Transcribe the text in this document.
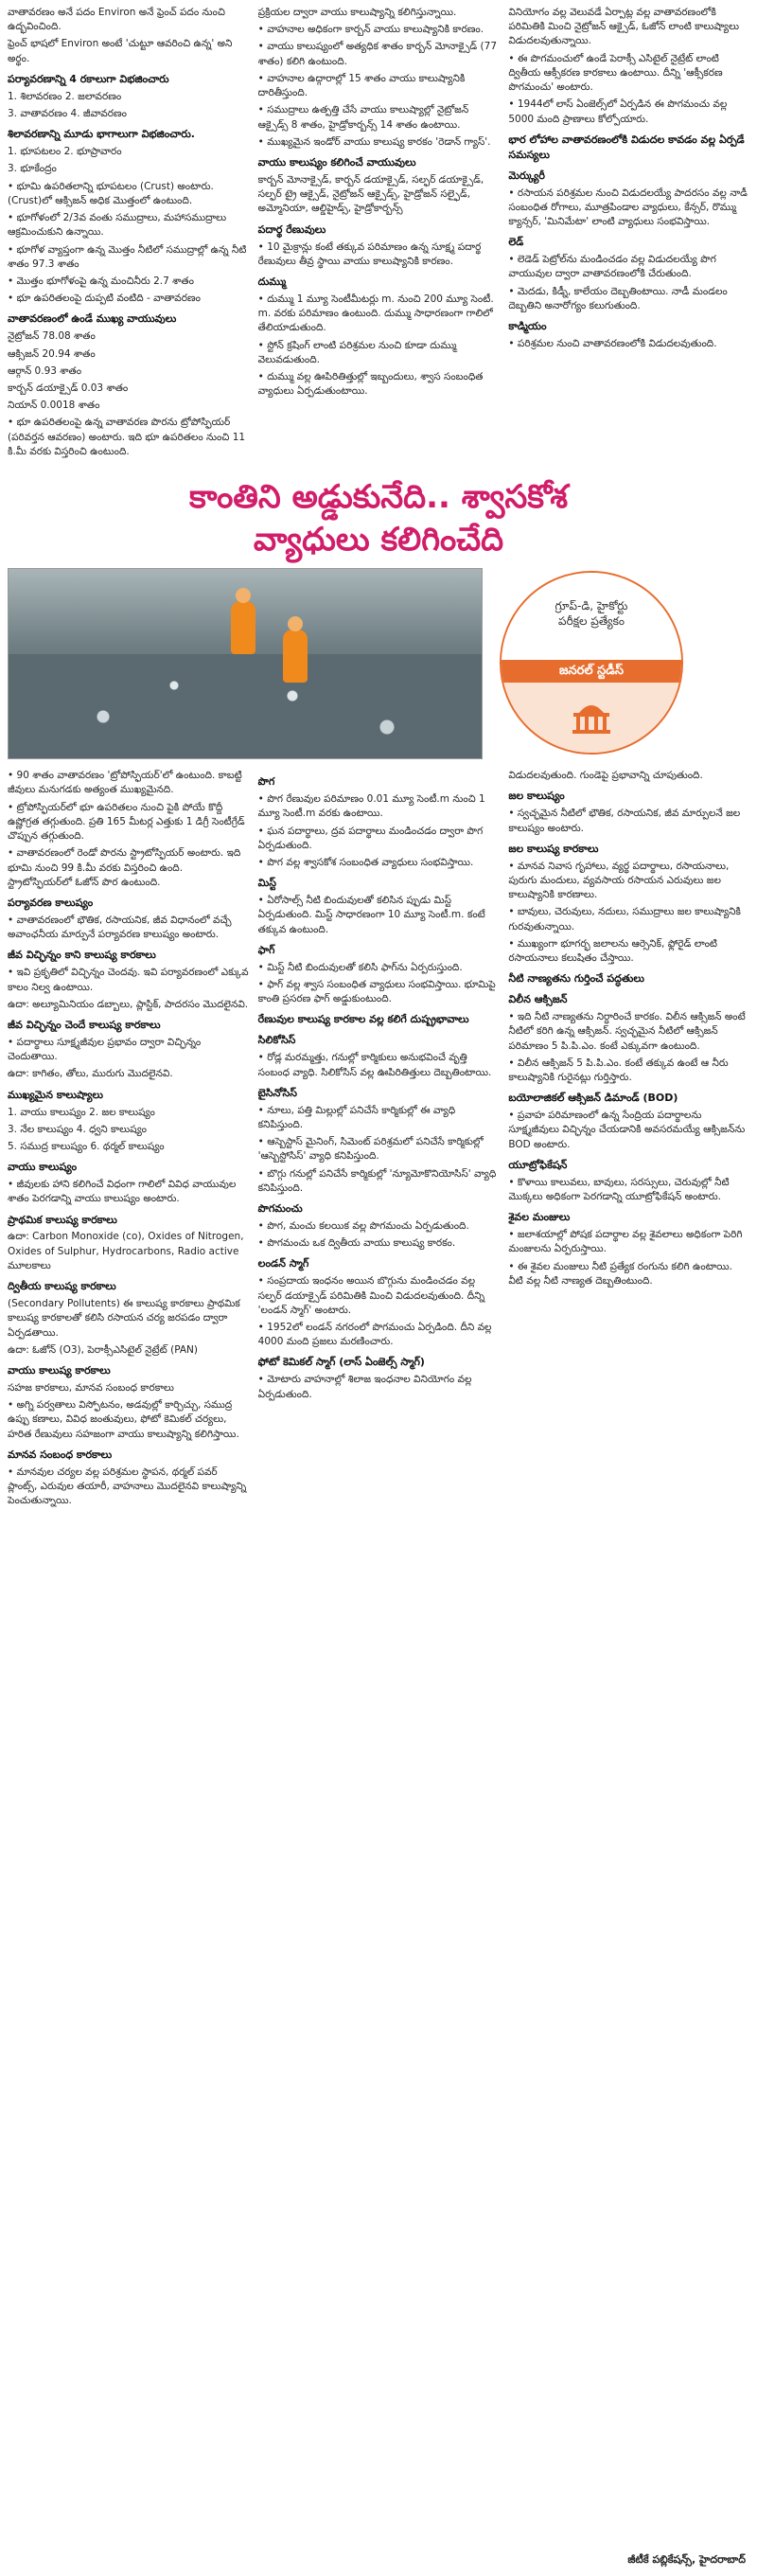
వాతావరణం అనే పదం Environ అనే ఫ్రెంచ్ పదం నుంచి ఉద్భవించింది.

ఫ్రెంచ్ భాషలో Environ అంటే 'చుట్టూ ఆవరించి ఉన్న' అని అర్థం.

పర్యావరణాన్ని 4 రకాలుగా విభజించారు

1. శిలావరణం 2. జలావరణం

3. వాతావరణం 4. జీవావరణం

శిలావరణాన్ని మూడు భాగాలుగా విభజించారు.

1. భూపటలం 2. భూప్రావారం

3. భూకేంద్రం

• భూమి ఉపరితలాన్ని భూపటలం (Crust) అంటారు. (Crust)లో ఆక్సిజన్ అధిక మొత్తంలో ఉంటుంది.

• భూగోళంలో 2/3వ వంతు సముద్రాలు, మహాసముద్రాలు ఆక్రమించుకుని ఉన్నాయి.

• భూగోళ వ్యాప్తంగా ఉన్న మొత్తం నీటిలో సముద్రాల్లో ఉన్న నీటి శాతం 97.3 శాతం

• మొత్తం భూగోళంపై ఉన్న మంచినీరు 2.7 శాతం

• భూ ఉపరితలంపై దుప్పటి వంటిది - వాతావరణం

వాతావరణంలో ఉండే ముఖ్య వాయువులు

నైట్రోజన్ 78.08 శాతం

ఆక్సిజన్ 20.94 శాతం

ఆర్గాన్ 0.93 శాతం

కార్బన్ డయాక్సైడ్ 0.03 శాతం

నియాన్ 0.0018 శాతం

• భూ ఉపరితలంపై ఉన్న వాతావరణ పొరను ట్రోపోస్ఫియర్ (పరివర్తన ఆవరణం) అంటారు. ఇది భూ ఉపరితలం నుంచి 11 కి.మీ వరకు విస్తరించి ఉంటుంది.

ప్రక్రియల ద్వారా వాయు కాలుష్యాన్ని కలిగిస్తున్నాయి.

• వాహనాల అధికంగా కార్బన్ వాయు కాలుష్యానికి కారణం.

• వాయు కాలుష్యంలో అత్యధిక శాతం కార్బన్ మోనాక్సైడ్ (77 శాతం) కలిగి ఉంటుంది.

• వాహనాల ఉద్గారాల్లో 15 శాతం వాయు కాలుష్యానికి దారితీస్తుంది.

• సముద్రాలు ఉత్పత్తి చేసే వాయు కాలుష్యాల్లో నైట్రోజన్ ఆక్సైడ్స్ 8 శాతం, హైడ్రోకార్బన్స్ 14 శాతం ఉంటాయి.

• ముఖ్యమైన ఇండోర్ వాయు కాలుష్య కారకం 'రెడాన్ గ్యాస్'.

వాయు కాలుష్యం కలిగించే వాయువులు

కార్బన్ మోనాక్సైడ్, కార్బన్ డయాక్సైడ్, సల్ఫర్ డయాక్సైడ్, సల్ఫర్ ట్రై ఆక్సైడ్, నైట్రోజన్ ఆక్సైడ్స్, హైడ్రోజన్ సల్ఫైడ్, అమ్మోనియా, ఆల్డిహైడ్స్, హైడ్రోకార్బన్స్

పదార్థ రేణువులు

• 10 మైక్రాన్లు కంటే తక్కువ పరిమాణం ఉన్న సూక్ష్మ పదార్థ రేణువులు తీవ్ర స్థాయి వాయు కాలుష్యానికి కారణం.

దుమ్ము

• దుమ్ము 1 మ్యూ సెంటీమీటర్లు m. నుంచి 200 మ్యూ సెంటీ. m. వరకు పరిమాణం ఉంటుంది. దుమ్ము సాధారణంగా గాలిలో తేలియాడుతుంది.

• స్టోన్ క్రషింగ్ లాంటి పరిశ్రమల నుంచి కూడా దుమ్ము వెలువడుతుంది.

• దుమ్ము వల్ల ఊపిరితిత్తుల్లో ఇబ్బందులు, శ్వాస సంబంధిత వ్యాధులు ఏర్పడుతుంటాయి.

వినియోగం వల్ల వెలువడే ఏర్పాట్ల వల్ల వాతావరణంలోకి పరిమితికి మించి నైట్రోజన్ ఆక్సైడ్, ఓజోన్ లాంటి కాలుష్యాలు విడుదలవుతున్నాయి.

• ఈ పొగమంచులో ఉండే పెరాక్సీ ఎసిటైల్ నైట్రేట్ లాంటి ద్వితీయ ఆక్సీకరణ కారకాలు ఉంటాయి. దీన్ని 'ఆక్సీకరణ పొగమంచు' అంటారు.

• 1944లో లాస్ ఏంజెల్స్‌లో ఏర్పడిన ఈ పొగమంచు వల్ల 5000 మంది ప్రాణాలు కోల్పోయారు.

భార లోహాల వాతావరణంలోకి విడుదల కావడం వల్ల ఏర్పడే సమస్యలు
మెర్క్యురీ

• రసాయన పరిశ్రమల నుంచి విడుదలయ్యే పాదరసం వల్ల నాడీ సంబంధిత రోగాలు, మూత్రపిండాల వ్యాధులు, కేన్సర్, రొమ్ము క్యాన్సర్, 'మినిమేటా' లాంటి వ్యాధులు సంభవిస్తాయి.

లెడ్

• లెడెడ్ పెట్రోల్‌ను మండించడం వల్ల విడుదలయ్యే పొగ వాయువుల ద్వారా వాతావరణంలోకి చేరుతుంది.

• మెదడు, కిడ్నీ, కాలేయం దెబ్బతింటాయి. నాడీ మండలం దెబ్బతిని అనారోగ్యం కలుగుతుంది.

కాడ్మియం

• పరిశ్రమల నుంచి వాతావరణంలోకి విడుదలవుతుంది.

కాంతిని అడ్డుకునేది.. శ్వాసకోశ
వ్యాధులు కలిగించేది
గ్రూప్‌-డి, హైకోర్టు
పరీక్షల ప్రత్యేకం
జనరల్ స్టడీస్

• 90 శాతం వాతావరణం 'ట్రోపోస్ఫియర్'లో ఉంటుంది. కాబట్టి జీవులు మనుగడకు అత్యంత ముఖ్యమైనది.

• ట్రోపోస్ఫియర్‌లో భూ ఉపరితలం నుంచి పైకి పోయే కొద్దీ ఉష్ణోగ్రత తగ్గుతుంది. ప్రతి 165 మీటర్ల ఎత్తుకు 1 డిగ్రీ సెంటీగ్రేడ్ చొప్పున తగ్గుతుంది.

• వాతావరణంలో రెండో పొరను స్ట్రాటోస్ఫియర్ అంటారు. ఇది భూమి నుంచి 99 కి.మీ వరకు విస్తరించి ఉంది. స్ట్రాటోస్ఫియర్‌లో ఓజోన్ పొర ఉంటుంది.

పర్యావరణ కాలుష్యం

• వాతావరణంలో భౌతిక, రసాయనిక, జీవ విధానంలో వచ్చే అవాంఛనీయ మార్పునే పర్యావరణ కాలుష్యం అంటారు.

జీవ విచ్ఛిన్నం కాని కాలుష్య కారకాలు

• ఇవి ప్రకృతిలో విచ్ఛిన్నం చెందవు. ఇవి పర్యావరణంలో ఎక్కువ కాలం నిల్వ ఉంటాయి.

ఉదా: అల్యూమినియం డబ్బాలు, ప్లాస్టిక్, పాదరసం మొదలైనవి.

జీవ విచ్ఛిన్నం చెందే కాలుష్య కారకాలు

• పదార్థాలు సూక్ష్మజీవుల ప్రభావం ద్వారా విచ్ఛిన్నం చెందుతాయి.

ఉదా: కాగితం, తోలు, మురుగు మొదలైనవి.

ముఖ్యమైన కాలుష్యాలు

1. వాయు కాలుష్యం 2. జల కాలుష్యం

3. నేల కాలుష్యం 4. ధ్వని కాలుష్యం

5. సముద్ర కాలుష్యం 6. థర్మల్ కాలుష్యం

వాయు కాలుష్యం

• జీవులకు హాని కలిగించే విధంగా గాలిలో వివిధ వాయువుల శాతం పెరగడాన్ని వాయు కాలుష్యం అంటారు.

ప్రాథమిక కాలుష్య కారకాలు

ఉదా: Carbon Monoxide (co), Oxides of Nitrogen, Oxides of Sulphur, Hydrocarbons, Radio active మూలకాలు

ద్వితీయ కాలుష్య కారకాలు

(Secondary Pollutents) ఈ కాలుష్య కారకాలు ప్రాథమిక కాలుష్య కారకాలతో కలిసి రసాయన చర్య జరపడం ద్వారా ఏర్పడతాయి.

ఉదా: ఓజోన్ (O3), పెరాక్సీఎసిటైల్ నైట్రేట్ (PAN)

వాయు కాలుష్య కారకాలు

సహజ కారకాలు, మానవ సంబంధ కారకాలు

• అగ్ని పర్వతాలు విస్ఫోటనం, అడవుల్లో కార్చిచ్చు, సముద్ర ఉప్పు కణాలు, వివిధ జంతువులు, ఫోటో కెమికల్ చర్యలు, హరిత రేణువులు సహజంగా వాయు కాలుష్యాన్ని కలిగిస్తాయి.

మానవ సంబంధ కారకాలు

• మానవుల చర్యల వల్ల పరిశ్రమల స్థాపన, థర్మల్ పవర్ ప్లాంట్స్, ఎరువుల తయారీ, వాహనాలు మొదలైనవి కాలుష్యాన్ని పెంచుతున్నాయి.

పొగ

• పొగ రేణువుల పరిమాణం 0.01 మ్యూ సెంటీ.m నుంచి 1 మ్యూ సెంటీ.m వరకు ఉంటాయి.

• ఘన పదార్థాలు, ద్రవ పదార్థాలు మండించడం ద్వారా పొగ ఏర్పడుతుంది.

• పొగ వల్ల శ్వాసకోశ సంబంధిత వ్యాధులు సంభవిస్తాయి.

మిస్ట్

• ఏరోసాల్స్ నీటి బిందువులతో కలిసిన ప్పుడు మిస్ట్ ఏర్పడుతుంది. మిస్ట్ సాధారణంగా 10 మ్యూ సెంటీ.m. కంటే తక్కువ ఉంటుంది.

ఫాగ్

• మిస్ట్ నీటి బిందువులతో కలిసి ఫాగ్‌ను ఏర్పరుస్తుంది.

• ఫాగ్ వల్ల శ్వాస సంబంధిత వ్యాధులు సంభవిస్తాయి. భూమిపై కాంతి ప్రసరణ ఫాగ్ అడ్డుకుంటుంది.

రేణువుల కాలుష్య కారకాల వల్ల కలిగే దుష్ప్రభావాలు
సిలికోసిస్

• రోడ్ల మరమ్మత్తు, గనుల్లో కార్మికులు అనుభవించే వృత్తి సంబంధ వ్యాధి. సిలికోసిస్ వల్ల ఊపిరితిత్తులు దెబ్బతింటాయి.

బైసినోసిస్

• నూలు, పత్తి మిల్లుల్లో పనిచేసే కార్మికుల్లో ఈ వ్యాధి కనిపిస్తుంది.

• ఆస్బెస్టాస్ మైనింగ్, సిమెంట్ పరిశ్రమలో పనిచేసే కార్మికుల్లో 'ఆస్బెస్టోసిస్' వ్యాధి కనిపిస్తుంది.

• బొగ్గు గనుల్లో పనిచేసే కార్మికుల్లో 'న్యూమోకొనియోసిస్' వ్యాధి కనిపిస్తుంది.

పొగమంచు

• పొగ, మంచు కలయిక వల్ల పొగమంచు ఏర్పడుతుంది.

• పొగమంచు ఒక ద్వితీయ వాయు కాలుష్య కారకం.

లండన్ స్మాగ్

• సంప్రదాయ ఇంధనం అయిన బొగ్గును మండించడం వల్ల సల్ఫర్ డయాక్సైడ్ పరిమితికి మించి విడుదలవుతుంది. దీన్ని 'లండన్ స్మాగ్' అంటారు.

• 1952లో లండన్ నగరంలో పొగమంచు ఏర్పడింది. దీని వల్ల 4000 మంది ప్రజలు మరణించారు.

ఫోటో కెమికల్ స్మాగ్ (లాస్ ఏంజెల్స్ స్మాగ్)

• మోటారు వాహనాల్లో శిలాజ ఇంధనాల వినియోగం వల్ల ఏర్పడుతుంది.

విడుదలవుతుంది. గుండెపై ప్రభావాన్ని చూపుతుంది.

జల కాలుష్యం

• స్వచ్ఛమైన నీటిలో భౌతిక, రసాయనిక, జీవ మార్పులనే జల కాలుష్యం అంటారు.

జల కాలుష్య కారకాలు

• మానవ నివాస గృహాలు, వ్యర్థ పదార్థాలు, రసాయనాలు, పురుగు మందులు, వ్యవసాయ రసాయన ఎరువులు జల కాలుష్యానికి కారణాలు.

• బావులు, చెరువులు, నదులు, సముద్రాలు జల కాలుష్యానికి గురవుతున్నాయి.

• ముఖ్యంగా భూగర్భ జలాలను ఆర్సెనిక్, ఫ్లోరైడ్ లాంటి రసాయనాలు కలుషితం చేస్తాయి.

నీటి నాణ్యతను గుర్తించే పద్ధతులు
విలీన ఆక్సిజన్

• ఇది నీటి నాణ్యతను నిర్ధారించే కారకం. విలీన ఆక్సిజన్ అంటే నీటిలో కరిగి ఉన్న ఆక్సిజన్. స్వచ్ఛమైన నీటిలో ఆక్సిజన్ పరిమాణం 5 పి.పి.ఎం. కంటే ఎక్కువగా ఉంటుంది.

• విలీన ఆక్సిజన్ 5 పి.పి.ఎం. కంటే తక్కువ ఉంటే ఆ నీరు కాలుష్యానికి గురైనట్లు గుర్తిస్తారు.

బయోలాజికల్ ఆక్సిజన్ డిమాండ్ (BOD)

• ప్రవాహ పరిమాణంలో ఉన్న సేంద్రియ పదార్థాలను సూక్ష్మజీవులు విచ్ఛిన్నం చేయడానికి అవసరమయ్యే ఆక్సిజన్‌ను BOD అంటారు.

యూట్రోఫికేషన్

• కొళాయి కాలువలు, బావులు, సరస్సులు, చెరువుల్లో నీటి మొక్కలు అధికంగా పెరగడాన్ని యూట్రోఫికేషన్ అంటారు.

శైవల మంజులు

• జలాశయాల్లో పోషక పదార్థాల వల్ల శైవలాలు అధికంగా పెరిగి మంజులను ఏర్పరుస్తాయి.

• ఈ శైవల మంజులు నీటి ప్రత్యేక రంగును కలిగి ఉంటాయి. వీటి వల్ల నీటి నాణ్యత దెబ్బతింటుంది.

జీటీకే పబ్లికేషన్స్, హైదరాబాద్
